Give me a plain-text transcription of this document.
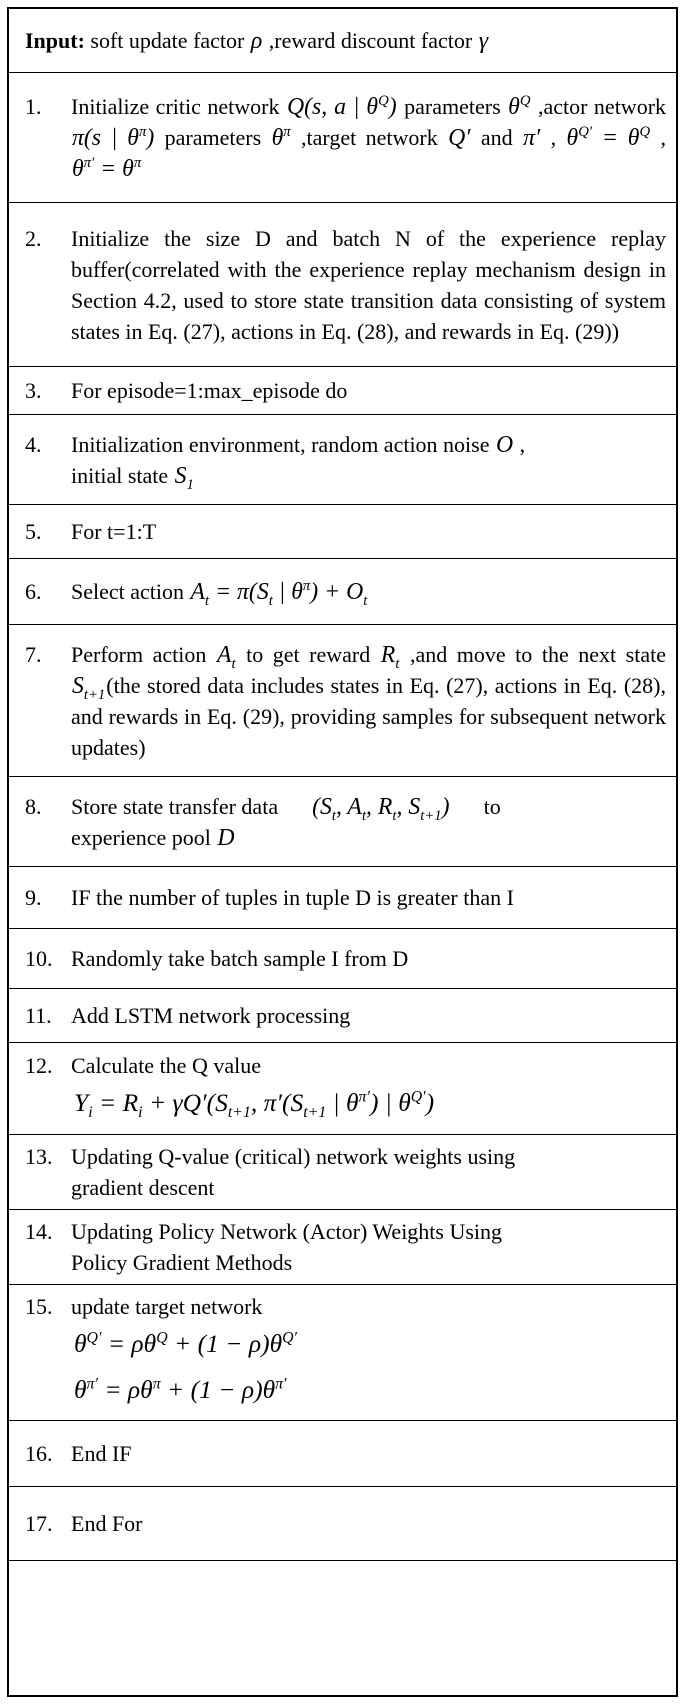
Input: soft update factor ρ ,reward discount factor γ
1.	Initialize critic network Q(s, a | $\theta^Q$) parameters $\theta^Q$ ,actor network π(s | $\theta^\pi$) parameters $\theta^\pi$ ,target network Q′ and π′ , $\theta^{Q'} = \theta^Q$ , $\theta^{\pi'} = \theta^\pi$
2.	Initialize the size D and batch N of the experience replay buffer(correlated with the experience replay mechanism design in Section 4.2, used to store state transition data consisting of system states in Eq. (27), actions in Eq. (28), and rewards in Eq. (29))
3.	For episode=1:max_episode do
4.	Initialization environment, random action noise O ,
initial state $S_1$
5.	For t=1:T
6.	Select action $A_t = \pi(S_t$ | $\theta^\pi) + O_t$
7.	Perform action $A_t$ to get reward $R_t$ ,and move to the next state $S_{t+1}(the$ stored data includes states in Eq. (27), actions in Eq. (28), and rewards in Eq. (29), providing samples for subsequent network updates)
8.	Store state transfer data ($S_t$, $A_t$, $R_t$, $S_{t+1}$)      to
experience pool D
9.	IF the number of tuples in tuple D is greater than I
10. Randomly take batch sample I from D
11. Add LSTM network processing
12. Calculate the Q value
$Y_i = R_i + \gamma Q'(S_{t+1}$, $\pi'(S_{t+1}$ | $\theta^{\pi'}$) | $\theta^{Q'}$)
13. Updating Q-value (critical) network weights using
gradient descent
14. Updating Policy Network (Actor) Weights Using
Policy Gradient Methods
15. update target network
$\theta^{Q'} = \rho\theta^Q + (1 - \rho)\theta^{Q'}$
$\theta^{\pi'} = \rho\theta^\pi + (1 - \rho)\theta^{\pi'}$
16. End IF
17. End For
